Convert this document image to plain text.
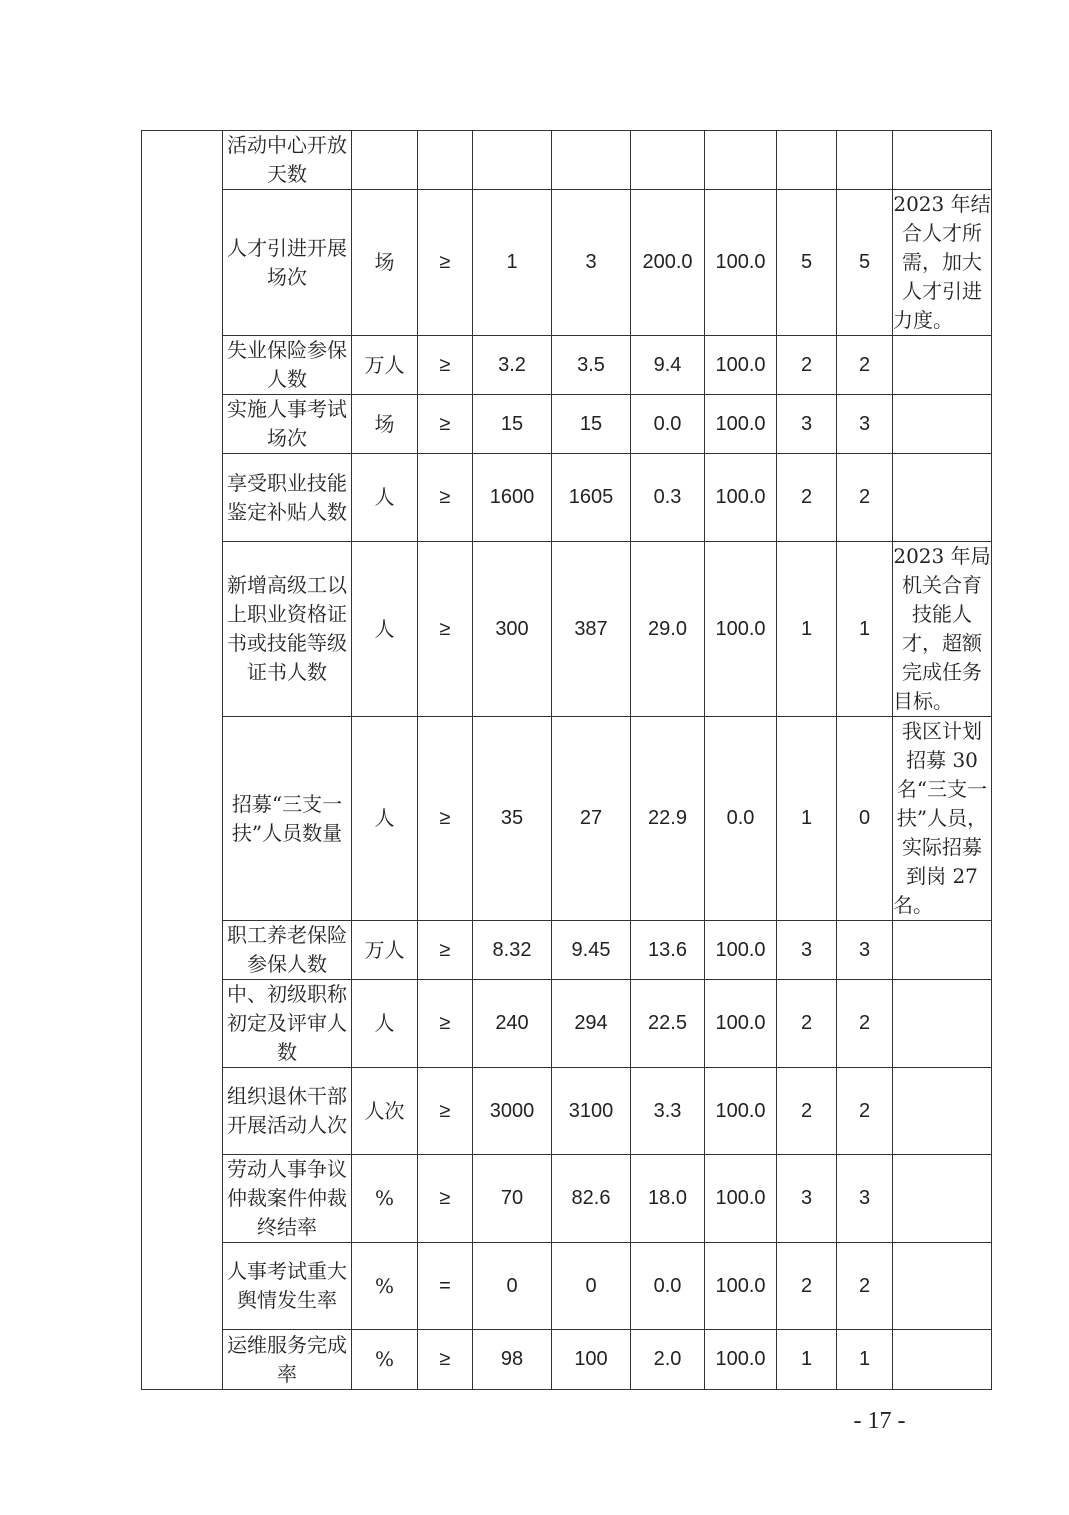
	活动中心开放天数									
	人才引进开展场次	场	≥	1	3	200.0	100.0	5	5	2023 年结合人才所需，加大人才引进力度。
	失业保险参保人数	万人	≥	3.2	3.5	9.4	100.0	2	2	
	实施人事考试场次	场	≥	15	15	0.0	100.0	3	3	
	享受职业技能鉴定补贴人数	人	≥	1600	1605	0.3	100.0	2	2	
	新增高级工以上职业资格证书或技能等级证书人数	人	≥	300	387	29.0	100.0	1	1	2023 年局机关合育技能人才，超额完成任务目标。
	招募“三支一扶”人员数量	人	≥	35	27	22.9	0.0	1	0	我区计划招募 30 名“三支一扶”人员，实际招募到岗 27 名。
	职工养老保险参保人数	万人	≥	8.32	9.45	13.6	100.0	3	3	
	中、初级职称初定及评审人数	人	≥	240	294	22.5	100.0	2	2	
	组织退休干部开展活动人次	人次	≥	3000	3100	3.3	100.0	2	2	
	劳动人事争议仲裁案件仲裁终结率	%	≥	70	82.6	18.0	100.0	3	3	
	人事考试重大舆情发生率	%	=	0	0	0.0	100.0	2	2	
	运维服务完成率	%	≥	98	100	2.0	100.0	1	1	
- 17 -
